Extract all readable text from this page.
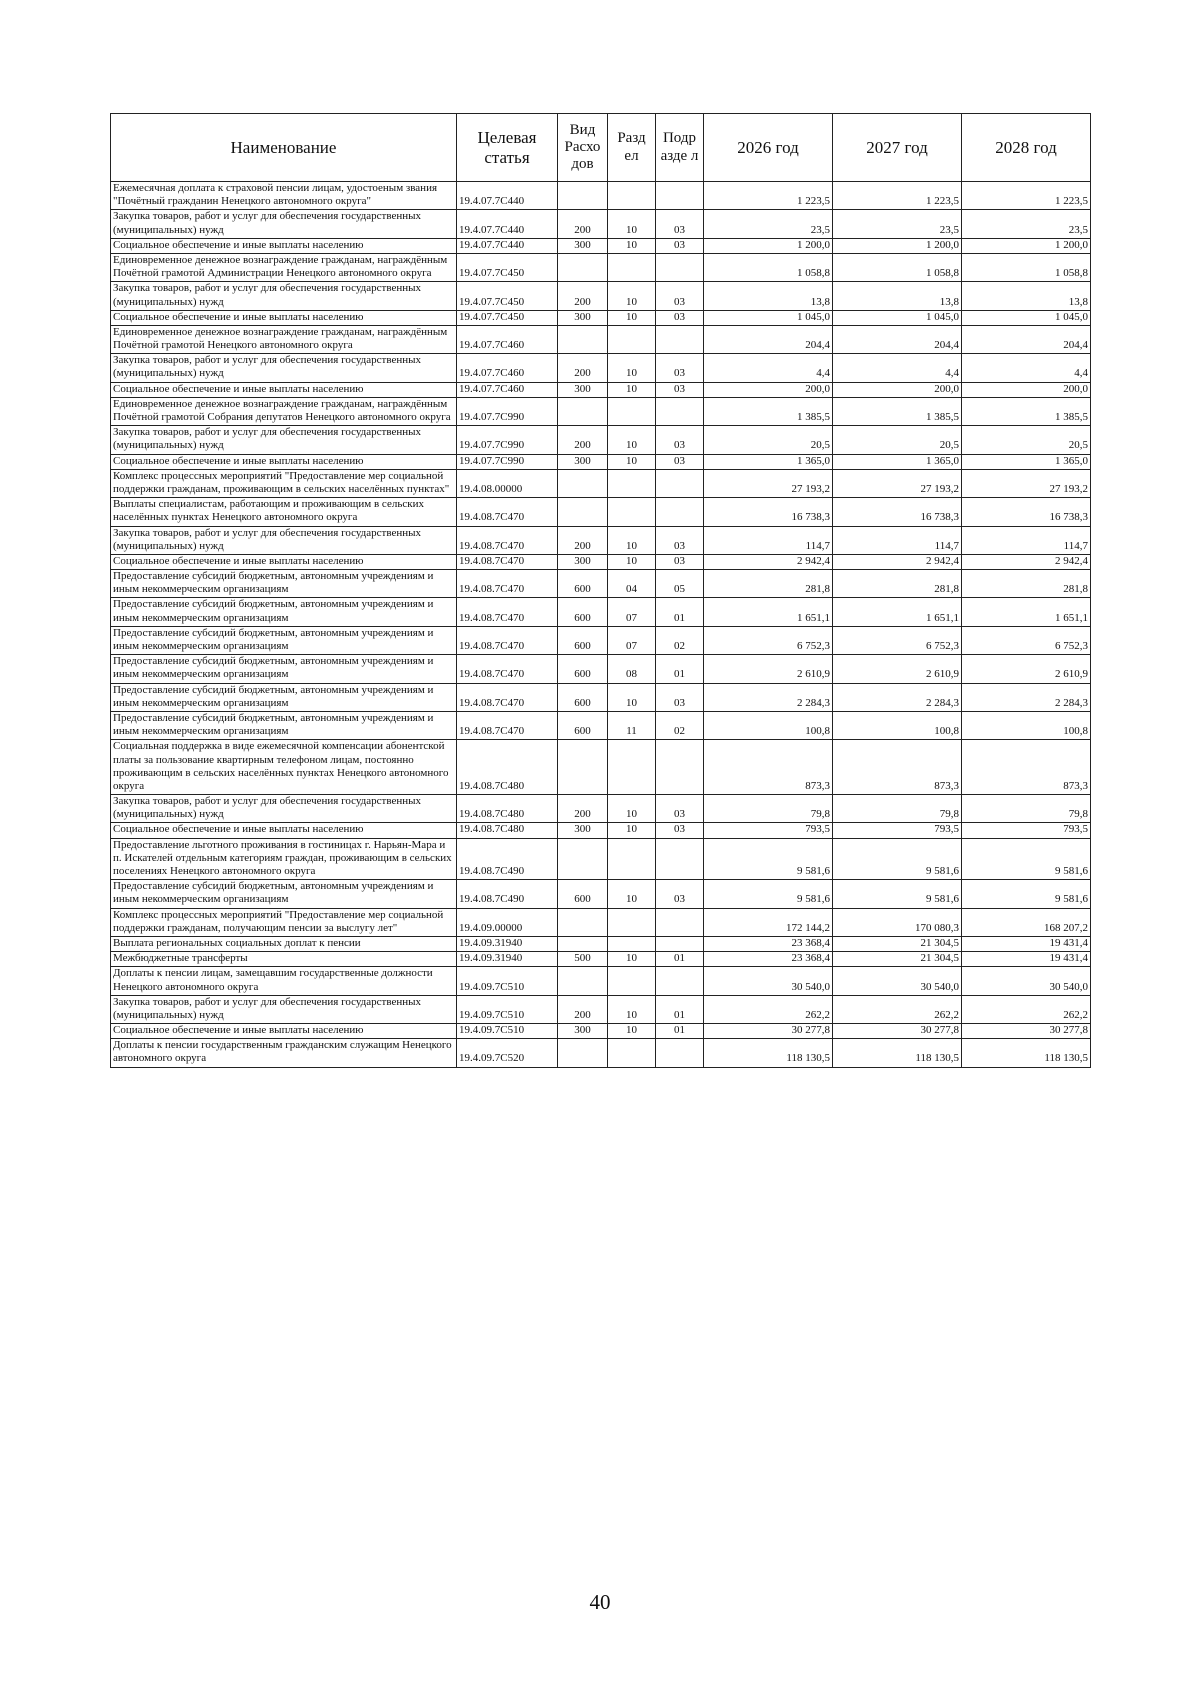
Наименование	Целевая статья	Вид Расхо дов	Разд ел	Подр азде л	2026 год	2027 год	2028 год
Ежемесячная доплата к страховой пенсии лицам, удостоеным звания "Почётный гражданин Ненецкого автономного округа"	19.4.07.7С440				1 223,5	1 223,5	1 223,5
Закупка товаров, работ и услуг для обеспечения государственных (муниципальных) нужд	19.4.07.7С440	200	10	03	23,5	23,5	23,5
Социальное обеспечение и иные выплаты населению	19.4.07.7С440	300	10	03	1 200,0	1 200,0	1 200,0
Единовременное денежное вознаграждение гражданам, награждённым Почётной грамотой Администрации Ненецкого автономного округа	19.4.07.7С450				1 058,8	1 058,8	1 058,8
Закупка товаров, работ и услуг для обеспечения государственных (муниципальных) нужд	19.4.07.7С450	200	10	03	13,8	13,8	13,8
Социальное обеспечение и иные выплаты населению	19.4.07.7С450	300	10	03	1 045,0	1 045,0	1 045,0
Единовременное денежное вознаграждение гражданам, награждённым Почётной грамотой Ненецкого автономного округа	19.4.07.7С460				204,4	204,4	204,4
Закупка товаров, работ и услуг для обеспечения государственных (муниципальных) нужд	19.4.07.7С460	200	10	03	4,4	4,4	4,4
Социальное обеспечение и иные выплаты населению	19.4.07.7С460	300	10	03	200,0	200,0	200,0
Единовременное денежное вознаграждение гражданам, награждённым Почётной грамотой Собрания депутатов Ненецкого автономного округа	19.4.07.7С990				1 385,5	1 385,5	1 385,5
Закупка товаров, работ и услуг для обеспечения государственных (муниципальных) нужд	19.4.07.7С990	200	10	03	20,5	20,5	20,5
Социальное обеспечение и иные выплаты населению	19.4.07.7С990	300	10	03	1 365,0	1 365,0	1 365,0
Комплекс процессных мероприятий "Предоставление мер социальной поддержки гражданам, проживающим в сельских населённых пунктах"	19.4.08.00000				27 193,2	27 193,2	27 193,2
Выплаты специалистам, работающим и проживающим в сельских населённых пунктах Ненецкого автономного округа	19.4.08.7С470				16 738,3	16 738,3	16 738,3
Закупка товаров, работ и услуг для обеспечения государственных (муниципальных) нужд	19.4.08.7С470	200	10	03	114,7	114,7	114,7
Социальное обеспечение и иные выплаты населению	19.4.08.7С470	300	10	03	2 942,4	2 942,4	2 942,4
Предоставление субсидий бюджетным, автономным учреждениям и иным некоммерческим организациям	19.4.08.7С470	600	04	05	281,8	281,8	281,8
Предоставление субсидий бюджетным, автономным учреждениям и иным некоммерческим организациям	19.4.08.7С470	600	07	01	1 651,1	1 651,1	1 651,1
Предоставление субсидий бюджетным, автономным учреждениям и иным некоммерческим организациям	19.4.08.7С470	600	07	02	6 752,3	6 752,3	6 752,3
Предоставление субсидий бюджетным, автономным учреждениям и иным некоммерческим организациям	19.4.08.7С470	600	08	01	2 610,9	2 610,9	2 610,9
Предоставление субсидий бюджетным, автономным учреждениям и иным некоммерческим организациям	19.4.08.7С470	600	10	03	2 284,3	2 284,3	2 284,3
Предоставление субсидий бюджетным, автономным учреждениям и иным некоммерческим организациям	19.4.08.7С470	600	11	02	100,8	100,8	100,8
Социальная поддержка в виде ежемесячной компенсации абонентской платы за пользование квартирным телефоном лицам, постоянно проживающим в сельских населённых пунктах Ненецкого автономного округа	19.4.08.7С480				873,3	873,3	873,3
Закупка товаров, работ и услуг для обеспечения государственных (муниципальных) нужд	19.4.08.7С480	200	10	03	79,8	79,8	79,8
Социальное обеспечение и иные выплаты населению	19.4.08.7С480	300	10	03	793,5	793,5	793,5
Предоставление льготного проживания в гостиницах г. Нарьян-Мара и п. Искателей отдельным категориям граждан, проживающим в сельских поселениях Ненецкого автономного округа	19.4.08.7С490				9 581,6	9 581,6	9 581,6
Предоставление субсидий бюджетным, автономным учреждениям и иным некоммерческим организациям	19.4.08.7С490	600	10	03	9 581,6	9 581,6	9 581,6
Комплекс процессных мероприятий "Предоставление мер социальной поддержки гражданам, получающим пенсии за выслугу лет"	19.4.09.00000				172 144,2	170 080,3	168 207,2
Выплата региональных социальных доплат к пенсии	19.4.09.31940				23 368,4	21 304,5	19 431,4
Межбюджетные трансферты	19.4.09.31940	500	10	01	23 368,4	21 304,5	19 431,4
Доплаты к пенсии лицам, замещавшим государственные должности Ненецкого автономного округа	19.4.09.7С510				30 540,0	30 540,0	30 540,0
Закупка товаров, работ и услуг для обеспечения государственных (муниципальных) нужд	19.4.09.7С510	200	10	01	262,2	262,2	262,2
Социальное обеспечение и иные выплаты населению	19.4.09.7С510	300	10	01	30 277,8	30 277,8	30 277,8
Доплаты к пенсии государственным гражданским служащим Ненецкого автономного округа	19.4.09.7С520				118 130,5	118 130,5	118 130,5
40
